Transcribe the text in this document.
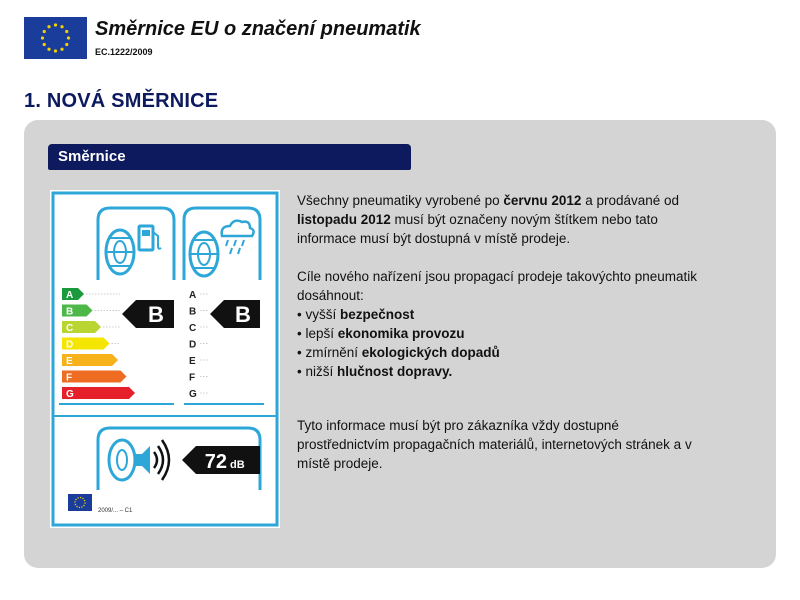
Směrnice EU o značení pneumatik
EC.1222/2009
1. NOVÁ SMĚRNICE
Směrnice
A
B
C
D
E
F
G
B
A
B
C
D
E
F
G
B
72 dB
2009/... – C1
Všechny pneumatiky vyrobené po červnu 2012 a prodávané od
listopadu 2012 musí být označeny novým štítkem nebo tato
informace musí být dostupná v místě prodeje.
Cíle nového nařízení jsou propagací prodeje takovýchto pneumatik
dosáhnout:
• vyšší bezpečnost
• lepší ekonomika provozu
• zmírnění ekologických dopadů
• nižší hlučnost dopravy.
Tyto informace musí být pro zákazníka vždy dostupné
prostřednictvím propagačních materiálů, internetových stránek a v
místě prodeje.
